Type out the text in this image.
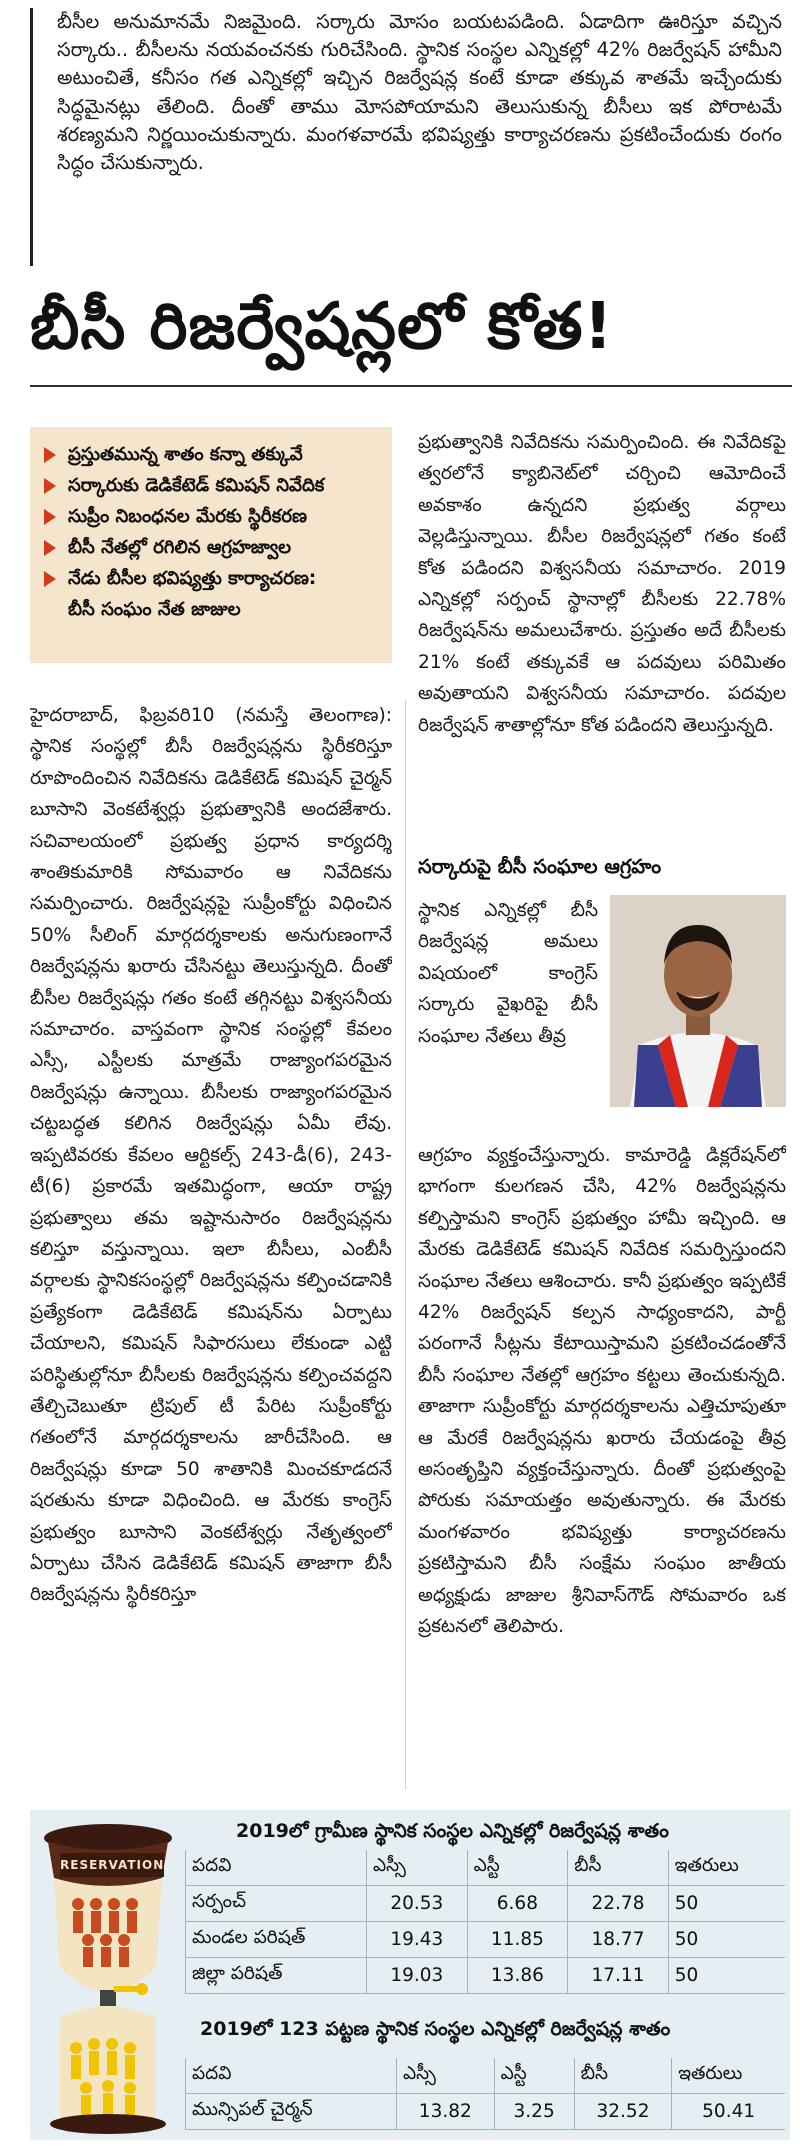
బీసీల అనుమానమే నిజమైంది. సర్కారు మోసం బయటపడింది. ఏడాదిగా ఊరిస్తూ వచ్చిన సర్కారు.. బీసీలను నయవంచనకు గురిచేసింది. స్థానిక సంస్థల ఎన్నికల్లో 42% రిజర్వేషన్ హామీని అటుంచితే, కనీసం గత ఎన్నికల్లో ఇచ్చిన రిజర్వేషన్ల కంటే కూడా తక్కువ శాతమే ఇచ్చేందుకు సిద్ధమైనట్లు తేలింది. దీంతో తాము మోసపోయామని తెలుసుకున్న బీసీలు ఇక పోరాటమే శరణ్యమని నిర్ణయించుకున్నారు. మంగళవారమే భవిష్యత్తు కార్యాచరణను ప్రకటించేందుకు రంగం సిద్ధం చేసుకున్నారు.

బీసీ రిజర్వేషన్లలో కోత!
ప్రస్తుతమున్న శాతం కన్నా తక్కువే
సర్కారుకు డెడికేటెడ్ కమిషన్ నివేదిక
సుప్రీం నిబంధనల మేరకు స్థిరీకరణ
బీసీ నేతల్లో రగిలిన ఆగ్రహజ్వాల
నేడు బీసీల భవిష్యత్తు కార్యాచరణ:
బీసీ సంఘం నేత జాజుల

హైదరాబాద్, ఫిబ్రవరి10 (నమస్తే తెలంగాణ): స్థానిక సంస్థల్లో బీసీ రిజర్వేషన్లను స్థిరీకరిస్తూ రూపొందించిన నివేదికను డెడికేటెడ్ కమిషన్ చైర్మన్ బూసాని వెంకటేశ్వర్లు ప్రభుత్వానికి అందజేశారు. సచివాలయంలో ప్రభుత్వ ప్రధాన కార్యదర్శి శాంతికుమారికి సోమవారం ఆ నివేదికను సమర్పించారు. రిజర్వేషన్లపై సుప్రీంకోర్టు విధించిన 50% సీలింగ్ మార్గదర్శకాలకు అనుగుణంగానే రిజర్వేషన్లను ఖరారు చేసినట్టు తెలుస్తున్నది. దీంతో బీసీల రిజర్వేషన్లు గతం కంటే తగ్గినట్టు విశ్వసనీయ సమాచారం. వాస్తవంగా స్థానిక సంస్థల్లో కేవలం ఎస్సీ, ఎస్టీలకు మాత్రమే రాజ్యాంగపరమైన రిజర్వేషన్లు ఉన్నాయి. బీసీలకు రాజ్యాంగపరమైన చట్టబద్ధత కలిగిన రిజర్వేషన్లు ఏమీ లేవు. ఇప్పటివరకు కేవలం ఆర్టికల్స్ 243-డీ(6), 243-టీ(6) ప్రకారమే ఇతమిద్ధంగా, ఆయా రాష్ట్ర ప్రభుత్వాలు తమ ఇష్టానుసారం రిజర్వేషన్లను కలిస్తూ వస్తున్నాయి. ఇలా బీసీలు, ఎంబీసీ వర్గాలకు స్థానికసంస్థల్లో రిజర్వేషన్లను కల్పించడానికి ప్రత్యేకంగా డెడికేటెడ్ కమిషన్‌ను ఏర్పాటు చేయాలని, కమిషన్ సిఫారసులు లేకుండా ఎట్టి పరిస్థితుల్లోనూ బీసీలకు రిజర్వేషన్లను కల్పించవద్దని తేల్చిచెబుతూ ట్రిపుల్ టీ పేరిట సుప్రీంకోర్టు గతంలోనే మార్గదర్శకాలను జారీచేసింది. ఆ రిజర్వేషన్లు కూడా 50 శాతానికి మించకూడదనే షరతును కూడా విధించింది. ఆ మేరకు కాంగ్రెస్ ప్రభుత్వం బూసాని వెంకటేశ్వర్లు నేతృత్వంలో ఏర్పాటు చేసిన డెడికేటెడ్ కమిషన్ తాజాగా బీసీ రిజర్వేషన్లను స్థిరీకరిస్తూ

ప్రభుత్వానికి నివేదికను సమర్పించింది. ఈ నివేదికపై త్వరలోనే క్యాబినెట్‌లో చర్చించి ఆమోదించే అవకాశం ఉన్నదని ప్రభుత్వ వర్గాలు వెల్లడిస్తున్నాయి. బీసీల రిజర్వేషన్లలో గతం కంటే కోత పడిందని విశ్వసనీయ సమాచారం. 2019 ఎన్నికల్లో సర్పంచ్ స్థానాల్లో బీసీలకు 22.78% రిజర్వేషన్‌ను అమలుచేశారు. ప్రస్తుతం అదే బీసీలకు 21% కంటే తక్కువకే ఆ పదవులు పరిమితం అవుతాయని విశ్వసనీయ సమాచారం. పదవుల రిజర్వేషన్ శాతాల్లోనూ కోత పడిందని తెలుస్తున్నది.

సర్కారుపై బీసీ సంఘాల ఆగ్రహం

స్థానిక ఎన్నికల్లో బీసీ రిజర్వేషన్ల అమలు విషయంలో కాంగ్రెస్ సర్కారు వైఖరిపై బీసీ సంఘాల నేతలు తీవ్ర

ఆగ్రహం వ్యక్తంచేస్తున్నారు. కామారెడ్డి డిక్లరేషన్‌లో భాగంగా కులగణన చేసి, 42% రిజర్వేషన్లను కల్పిస్తామని కాంగ్రెస్ ప్రభుత్వం హామీ ఇచ్చింది. ఆ మేరకు డెడికేటెడ్ కమిషన్ నివేదిక సమర్పిస్తుందని సంఘాల నేతలు ఆశించారు. కానీ ప్రభుత్వం ఇప్పటికే 42% రిజర్వేషన్ కల్పన సాధ్యంకాదని, పార్టీ పరంగానే సీట్లను కేటాయిస్తామని ప్రకటించడంతోనే బీసీ సంఘాల నేతల్లో ఆగ్రహం కట్టలు తెంచుకున్నది. తాజాగా సుప్రీంకోర్టు మార్గదర్శకాలను ఎత్తిచూపుతూ ఆ మేరకే రిజర్వేషన్లను ఖరారు చేయడంపై తీవ్ర అసంతృప్తిని వ్యక్తంచేస్తున్నారు. దీంతో ప్రభుత్వంపై పోరుకు సమాయత్తం అవుతున్నారు. ఈ మేరకు మంగళవారం భవిష్యత్తు కార్యాచరణను ప్రకటిస్తామని బీసీ సంక్షేమ సంఘం జాతీయ అధ్యక్షుడు జాజుల శ్రీనివాస్‌గౌడ్ సోమవారం ఒక ప్రకటనలో తెలిపారు.

RESERVATION
2019లో గ్రామీణ స్థానిక సంస్థల ఎన్నికల్లో రిజర్వేషన్ల శాతం
పదవి	ఎస్సీ	ఎస్టీ	బీసీ	ఇతరులు
సర్పంచ్	20.53	6.68	22.78	50
మండల పరిషత్	19.43	11.85	18.77	50
జిల్లా పరిషత్	19.03	13.86	17.11	50
2019లో 123 పట్టణ స్థానిక సంస్థల ఎన్నికల్లో రిజర్వేషన్ల శాతం
పదవి	ఎస్సీ	ఎస్టీ	బీసీ	ఇతరులు
మున్సిపల్ చైర్మన్	13.82	3.25	32.52	50.41
